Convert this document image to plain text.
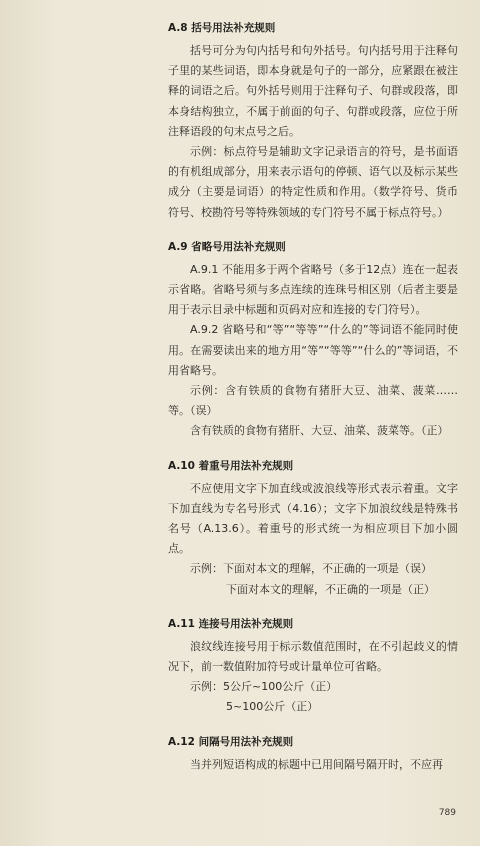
A.8 括号用法补充规则

括号可分为句内括号和句外括号。句内括号用于注释句子里的某些词语，即本身就是句子的一部分，应紧跟在被注释的词语之后。句外括号则用于注释句子、句群或段落，即本身结构独立，不属于前面的句子、句群或段落，应位于所注释语段的句末点号之后。

示例：标点符号是辅助文字记录语言的符号，是书面语的有机组成部分，用来表示语句的停顿、语气以及标示某些成分（主要是词语）的特定性质和作用。（数学符号、货币符号、校勘符号等特殊领域的专门符号不属于标点符号。）

A.9 省略号用法补充规则

A.9.1 不能用多于两个省略号（多于12点）连在一起表示省略。省略号须与多点连续的连珠号相区别（后者主要是用于表示目录中标题和页码对应和连接的专门符号）。

A.9.2 省略号和“等”“等等”“什么的”等词语不能同时使用。在需要读出来的地方用“等”“等等”“什么的”等词语，不用省略号。

示例：含有铁质的食物有猪肝大豆、油菜、菠菜……等。（误）

含有铁质的食物有猪肝、大豆、油菜、菠菜等。（正）

A.10 着重号用法补充规则

不应使用文字下加直线或波浪线等形式表示着重。文字下加直线为专名号形式（4.16）；文字下加浪纹线是特殊书名号（A.13.6）。着重号的形式统一为相应项目下加小圆点。

示例：下面对本文的理解，不正确的一项是（误）

下面对本文的理解，不正确的一项是（正）

A.11 连接号用法补充规则

浪纹线连接号用于标示数值范围时，在不引起歧义的情况下，前一数值附加符号或计量单位可省略。

示例：5公斤~100公斤（正）

5~100公斤（正）

A.12 间隔号用法补充规则

当并列短语构成的标题中已用间隔号隔开时，不应再

789
